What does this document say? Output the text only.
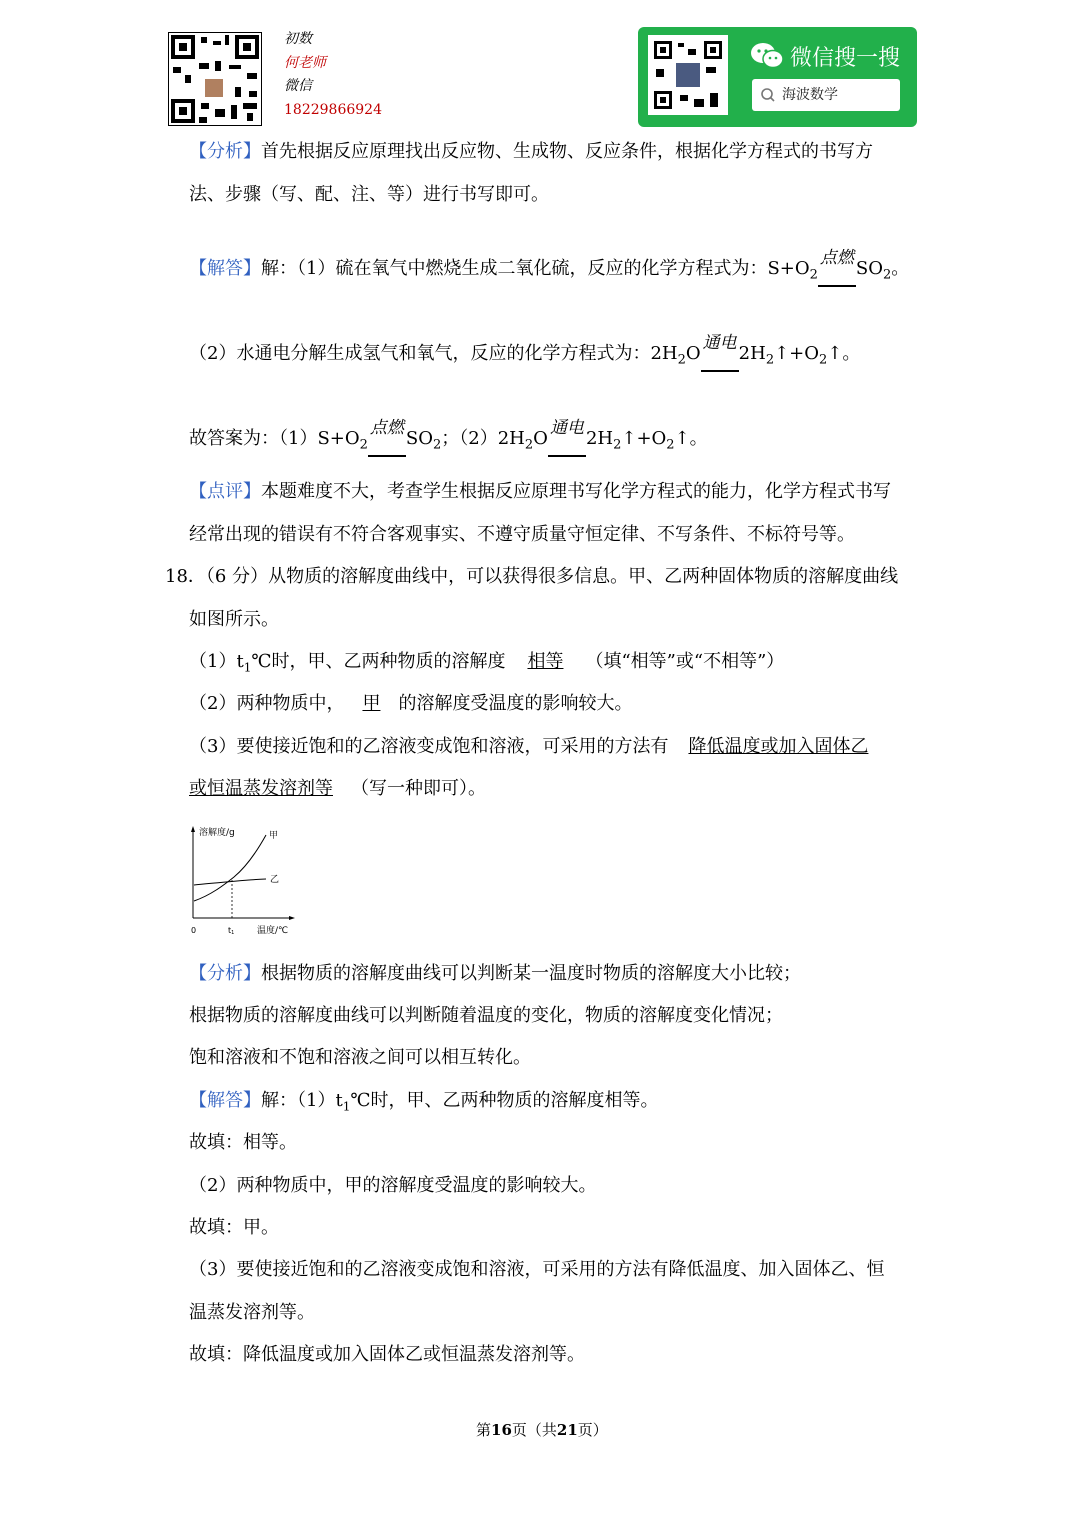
初数
何老师
微信
18229866924
微信搜一搜
海波数学
【分析】首先根据反应原理找出反应物、生成物、反应条件，根据化学方程式的书写方
法、步骤（写、配、注、等）进行书写即可。
【解答】解：（1）硫在氧气中燃烧生成二氧化硫，反应的化学方程式为：$S+O_2$
点燃 $SO_2$。
（2）水通电分解生成氢气和氧气，反应的化学方程式为：$2H_2O$ 通电 $2H_2↑+O_2↑$。
故答案为：$(1)S+O_2$
点燃 $SO_2$；$(2)2H_2O$ 通电 $2H_2↑+O_2↑$。
【点评】本题难度不大，考查学生根据反应原理书写化学方程式的能力，化学方程式书写
经常出现的错误有不符合客观事实、不遵守质量守恒定律、不写条件、不标符号等。
18．（6 分）从物质的溶解度曲线中，可以获得很多信息。甲、乙两种固体物质的溶解度曲线
如图所示。
$(1)t_1℃$时，甲、乙两种物质的溶解度 相等 （填“相等”或“不相等”）
（2）两种物质中， 甲 的溶解度受温度的影响较大。
（3）要使接近饱和的乙溶液变成饱和溶液，可采用的方法有 降低温度或加入固体乙
或恒温蒸发溶剂等 （写一种即可）。
溶解度/g	甲
乙
0	t1	温度/℃
【分析】根据物质的溶解度曲线可以判断某一温度时物质的溶解度大小比较；
根据物质的溶解度曲线可以判断随着温度的变化，物质的溶解度变化情况；
饱和溶液和不饱和溶液之间可以相互转化。
【解答】解：$(1)t_1℃$时，甲、乙两种物质的溶解度相等。
故填：相等。
（2）两种物质中，甲的溶解度受温度的影响较大。
故填：甲。
（3）要使接近饱和的乙溶液变成饱和溶液，可采用的方法有降低温度、加入固体乙、恒
温蒸发溶剂等。
故填：降低温度或加入固体乙或恒温蒸发溶剂等。
第16页（共21页）
